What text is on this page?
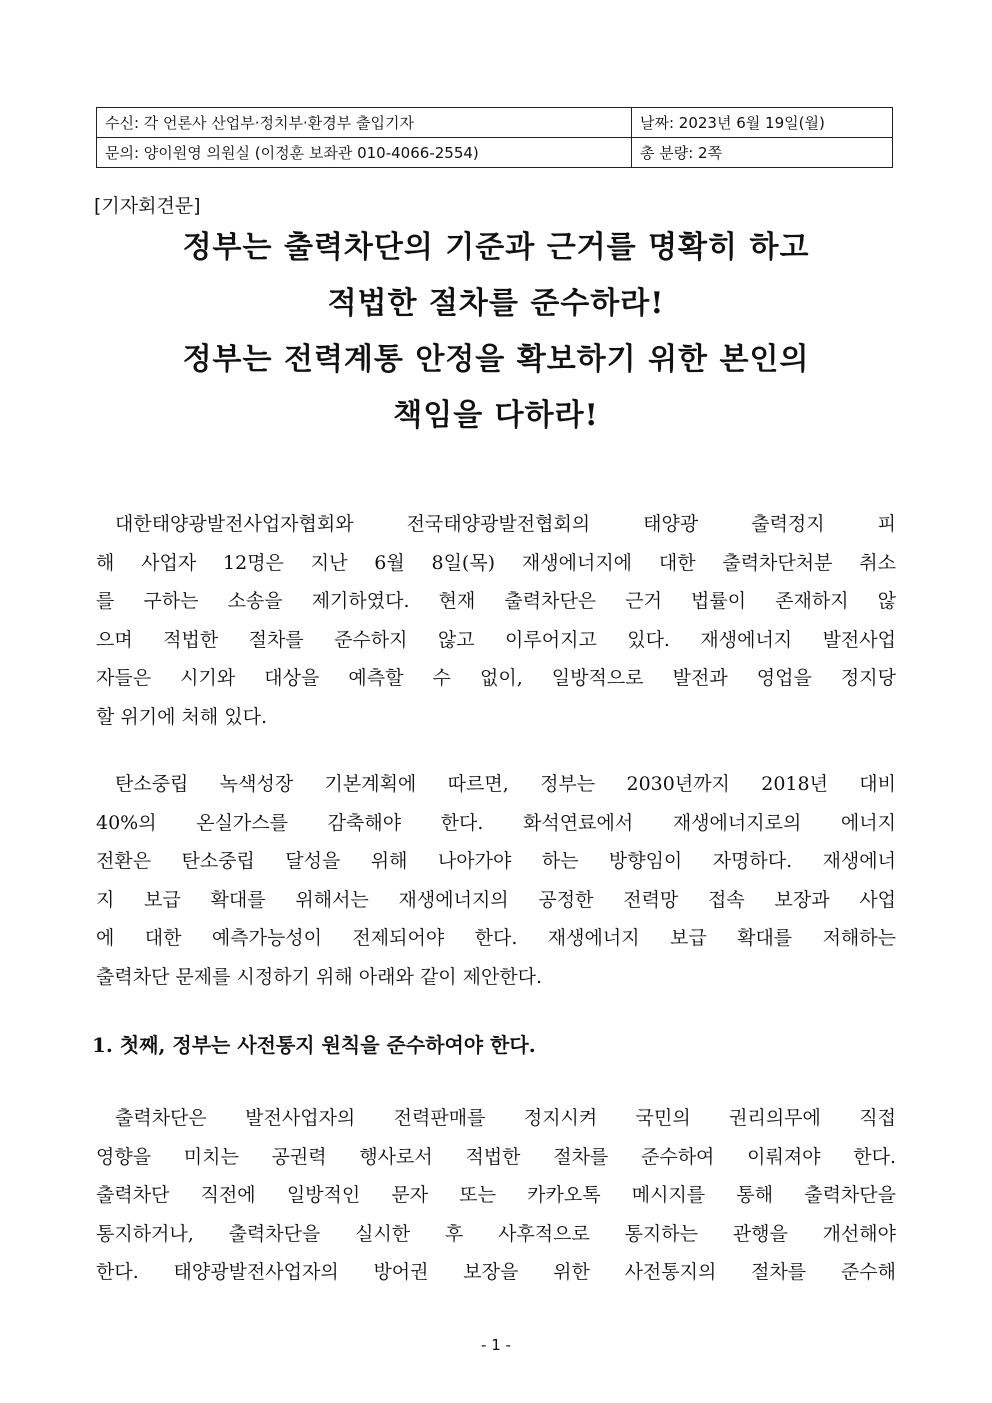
수신: 각 언론사 산업부·정치부·환경부 출입기자	날짜: 2023년 6월 19일(월)
문의: 양이원영 의원실 (이정훈 보좌관 010-4066-2554)	총 분량: 2쪽
[기자회견문]
정부는 출력차단의 기준과 근거를 명확히 하고
적법한 절차를 준수하라!
정부는 전력계통 안정을 확보하기 위한 본인의
책임을 다하라!
대한태양광발전사업자협회와 전국태양광발전협회의 태양광 출력정지 피
해 사업자 12명은 지난 6월 8일(목) 재생에너지에 대한 출력차단처분 취소
를 구하는 소송을 제기하였다. 현재 출력차단은 근거 법률이 존재하지 않
으며 적법한 절차를 준수하지 않고 이루어지고 있다. 재생에너지 발전사업
자들은 시기와 대상을 예측할 수 없이, 일방적으로 발전과 영업을 정지당
할 위기에 처해 있다.
탄소중립 녹색성장 기본계획에 따르면, 정부는 2030년까지 2018년 대비
40%의 온실가스를 감축해야 한다. 화석연료에서 재생에너지로의 에너지
전환은 탄소중립 달성을 위해 나아가야 하는 방향임이 자명하다. 재생에너
지 보급 확대를 위해서는 재생에너지의 공정한 전력망 접속 보장과 사업
에 대한 예측가능성이 전제되어야 한다. 재생에너지 보급 확대를 저해하는
출력차단 문제를 시정하기 위해 아래와 같이 제안한다.
1. 첫째, 정부는 사전통지 원칙을 준수하여야 한다.
출력차단은 발전사업자의 전력판매를 정지시켜 국민의 권리의무에 직접
영향을 미치는 공권력 행사로서 적법한 절차를 준수하여 이뤄져야 한다.
출력차단 직전에 일방적인 문자 또는 카카오톡 메시지를 통해 출력차단을
통지하거나, 출력차단을 실시한 후 사후적으로 통지하는 관행을 개선해야
한다. 태양광발전사업자의 방어권 보장을 위한 사전통지의 절차를 준수해
- 1 -
